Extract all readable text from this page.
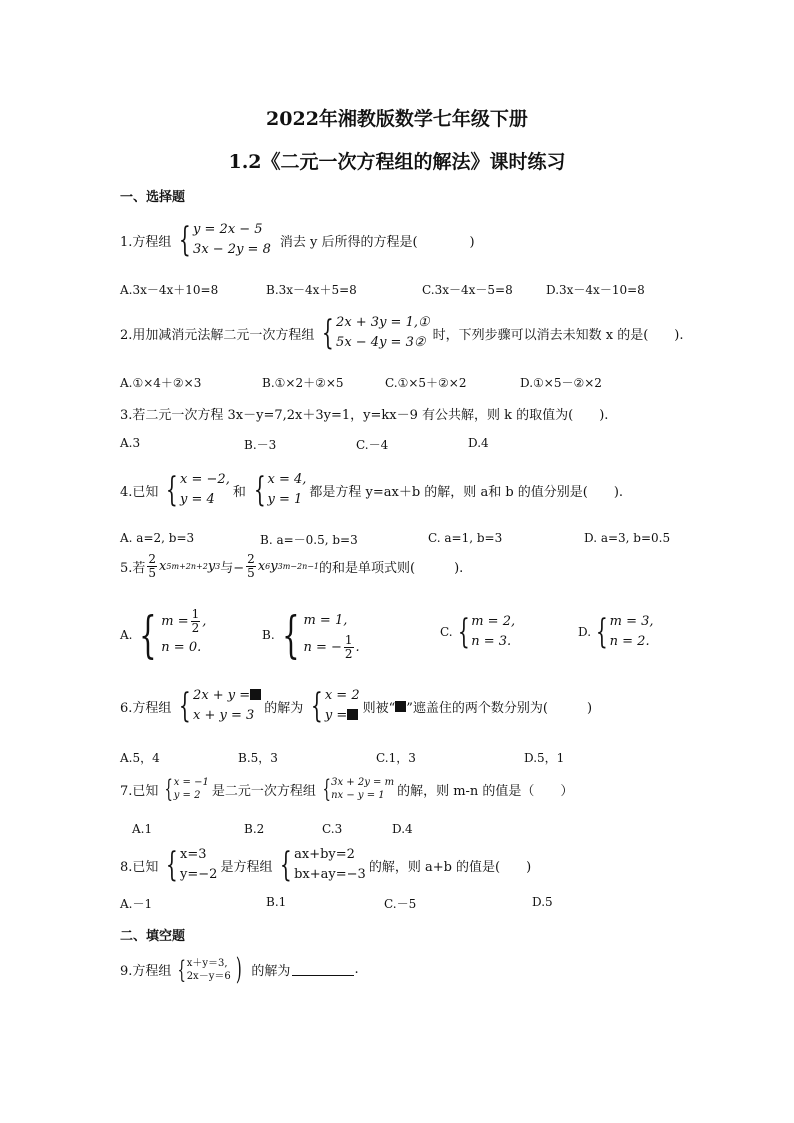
2022年湘教版数学七年级下册
1.2《二元一次方程组的解法》课时练习
一、选择题
1.方程组 { y = 2x − 5
3x − 2y = 8 消去 y 后所得的方程是(　　　　)
A.3x－4x＋10=8	B.3x－4x＋5=8	C.3x－4x－5=8	D.3x－4x－10=8
2.用加减消元法解二元一次方程组 { 2x + 3y = 1,①
5x − 4y = 3② 时，下列步骤可以消去未知数 x 的是(　　).
A.①×4＋②×3	B.①×2＋②×5	C.①×5＋②×2	D.①×5－②×2
3.若二元一次方程 3x－y=7,2x＋3y=1，y=kx－9 有公共解，则 k 的取值为(　　).
A.3	B.－3	C.－4	D.4
4.已知 { x = −2,
y = 4	和 { x = 4,
y = 1 都是方程 y=ax＋b 的解，则 a和 b 的值分别是(　　).
A. a=2, b=3	B. a=－0.5, b=3	C. a=1, b=3	D. a=3, b=0.5
5.若 $\frac{2}{5}$ x 5m+2n+2 y 3 与− $\frac{2}{5}$ x 6 y 3m−2n−1 的和是单项式则(　　　).
A. { $m = \frac{1}{2}$ ,
n = 0.
B. { m = 1,
n = − $\frac{1}{2}$ .
C. { m = 2,
n = 3.
D. { m = 3,
n = 2.
6.方程组 { 2x + y =
x + y = 3 的解为 { x = 2
y =	则被“ ”遮盖住的两个数分别为(　　　)
A.5，4	B.5，3	C.1，3	D.5，1
7.已知 { x = −1
y = 2 是二元一次方程组 { 3x + 2y = m
nx − y = 1 的解，则 m-n 的值是（　　）
A.1	B.2	C.3	D.4
8.已知 { x=3
y=−2 是方程组 { ax+by=2
bx+ay=−3 的解，则 a+b 的值是(　　)
A.－1	B.1	C.－5	D.5
二、填空题
9.方程组 { x＋y＝3,
2x－y＝6 ) 的解为	.
